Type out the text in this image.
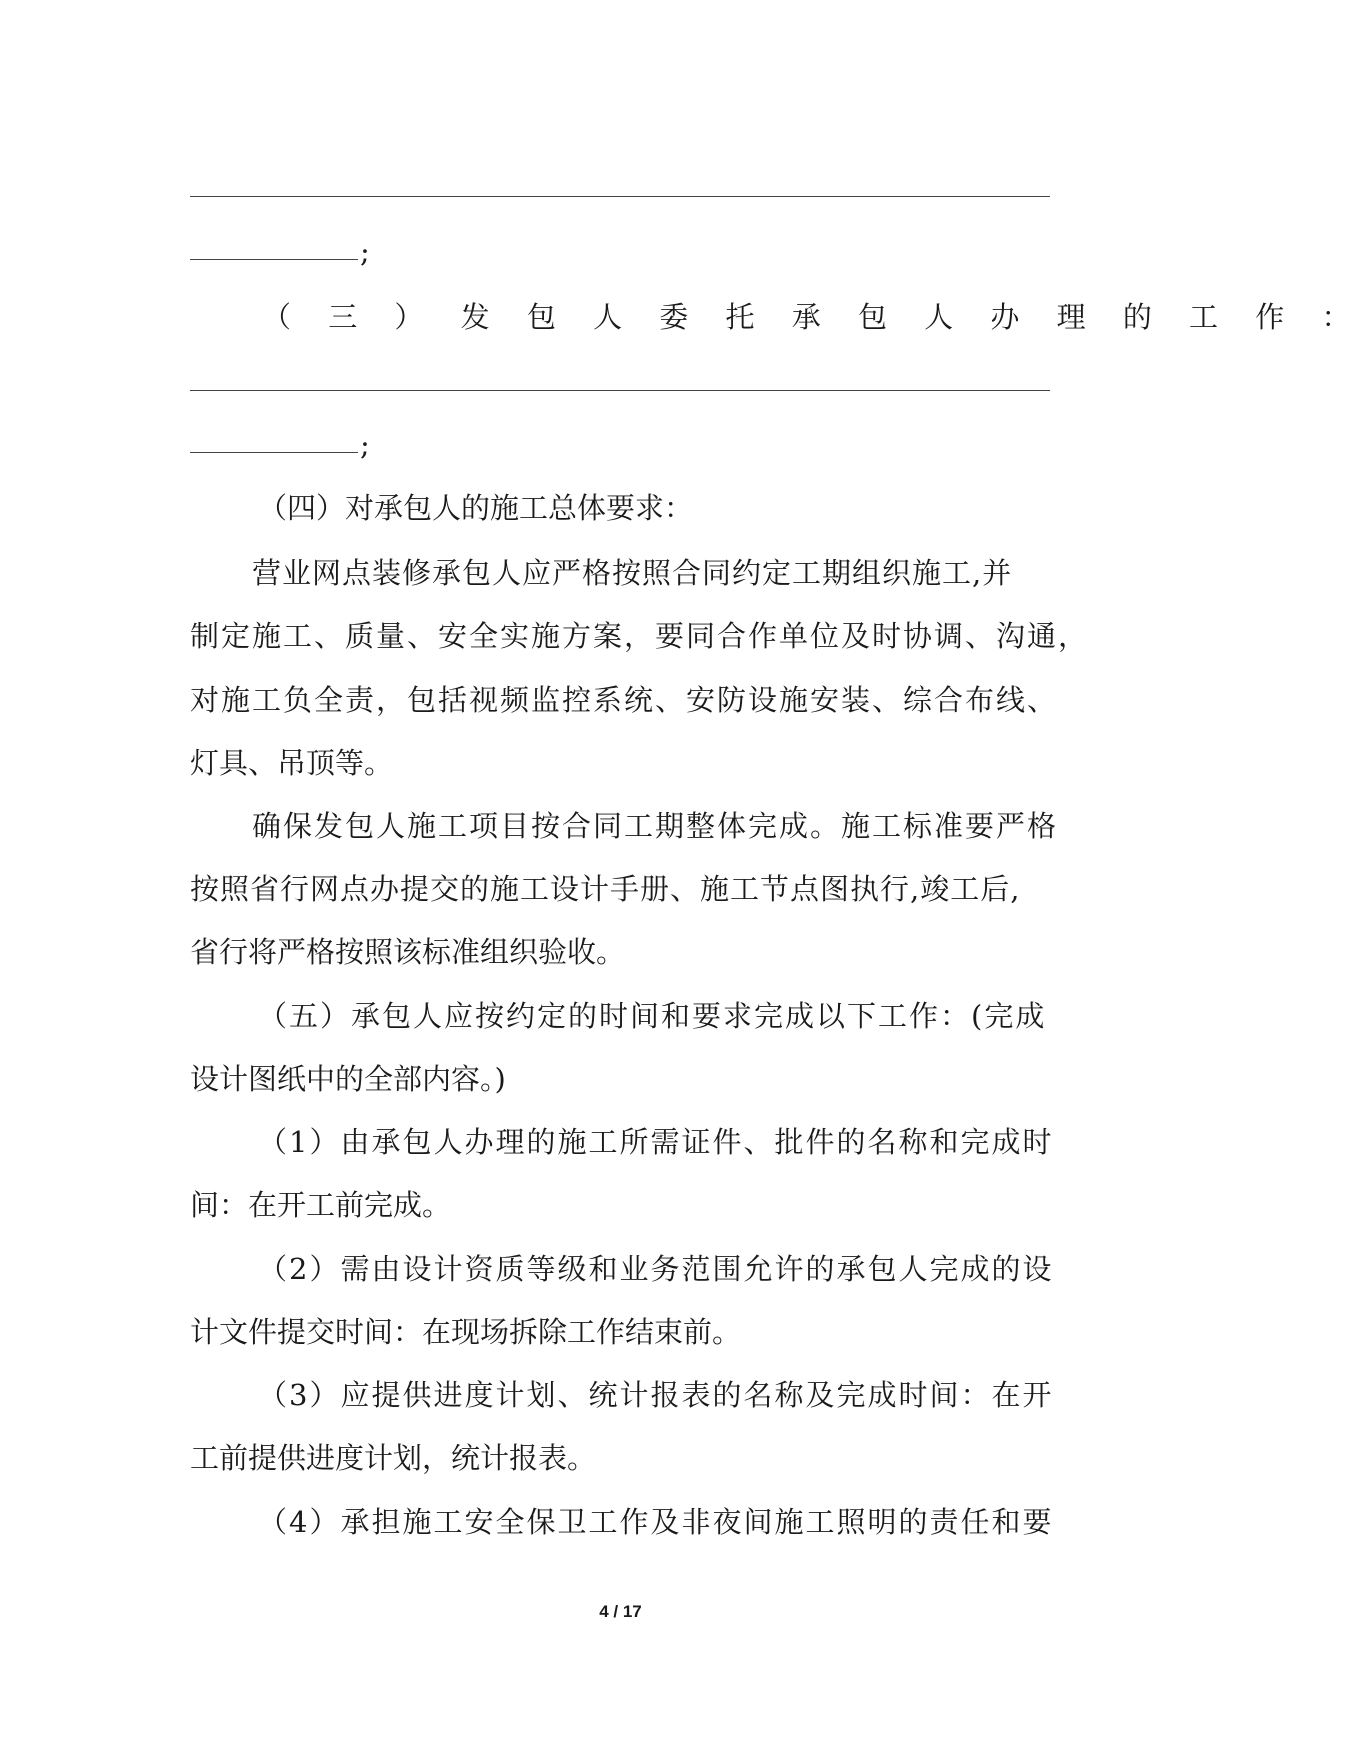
;
（ 三 ） 发 包 人 委 托 承 包 人 办 理 的 工 作 ：
;
（四）对承包人的施工总体要求：
营业网点装修承包人应严格按照合同约定工期组织施工,并
制定施工、质量、安全实施方案，要同合作单位及时协调、沟通，
对施工负全责，包括视频监控系统、安防设施安装、综合布线、
灯具、吊顶等。
确保发包人施工项目按合同工期整体完成。施工标准要严格
按照省行网点办提交的施工设计手册、施工节点图执行,竣工后,
省行将严格按照该标准组织验收。
（五）承包人应按约定的时间和要求完成以下工作：(完成
设计图纸中的全部内容。)
（1）由承包人办理的施工所需证件、批件的名称和完成时
间：在开工前完成。
（2）需由设计资质等级和业务范围允许的承包人完成的设
计文件提交时间：在现场拆除工作结束前。
（3）应提供进度计划、统计报表的名称及完成时间：在开
工前提供进度计划，统计报表。
（4）承担施工安全保卫工作及非夜间施工照明的责任和要
4 / 17
